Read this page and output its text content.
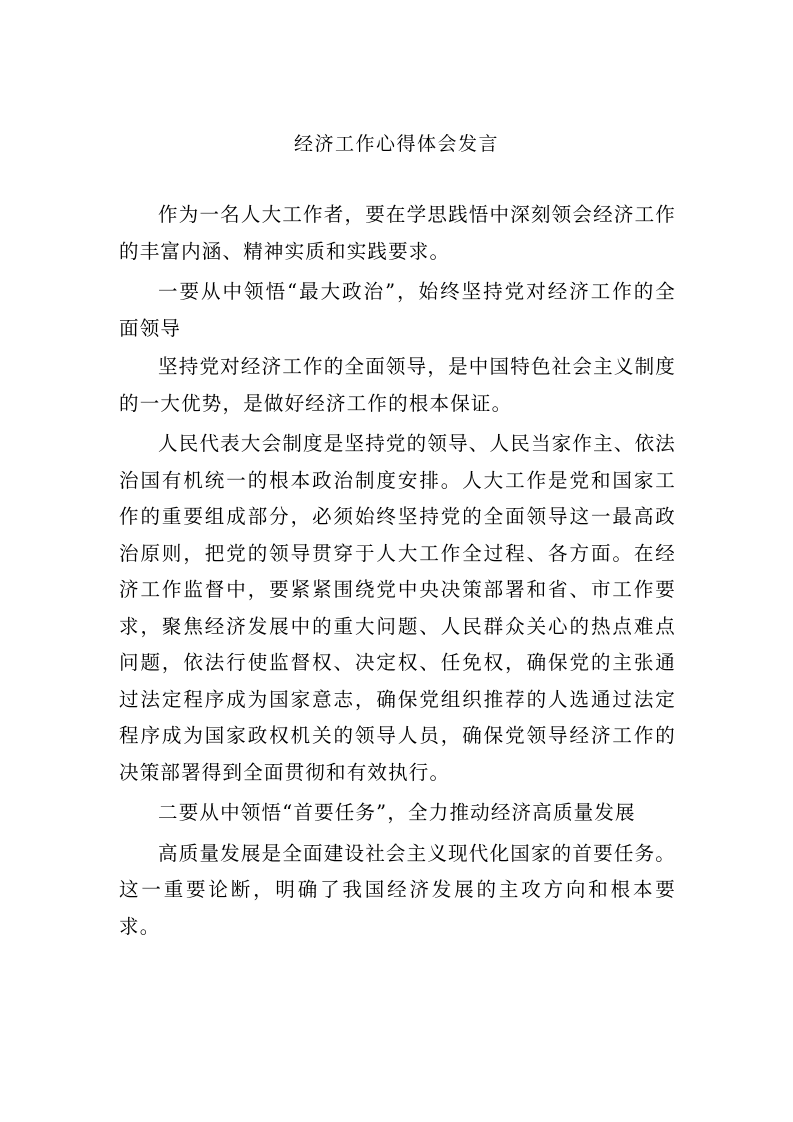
经济工作心得体会发言

作为一名人大工作者，要在学思践悟中深刻领会经济工作的丰富内涵、精神实质和实践要求。

一要从中领悟“最大政治”，始终坚持党对经济工作的全面领导

坚持党对经济工作的全面领导，是中国特色社会主义制度的一大优势，是做好经济工作的根本保证。

人民代表大会制度是坚持党的领导、人民当家作主、依法治国有机统一的根本政治制度安排。人大工作是党和国家工作的重要组成部分，必须始终坚持党的全面领导这一最高政治原则，把党的领导贯穿于人大工作全过程、各方面。在经济工作监督中，要紧紧围绕党中央决策部署和省、市工作要求，聚焦经济发展中的重大问题、人民群众关心的热点难点问题，依法行使监督权、决定权、任免权，确保党的主张通过法定程序成为国家意志，确保党组织推荐的人选通过法定程序成为国家政权机关的领导人员，确保党领导经济工作的决策部署得到全面贯彻和有效执行。

二要从中领悟“首要任务”，全力推动经济高质量发展

高质量发展是全面建设社会主义现代化国家的首要任务。这一重要论断，明确了我国经济发展的主攻方向和根本要求。
